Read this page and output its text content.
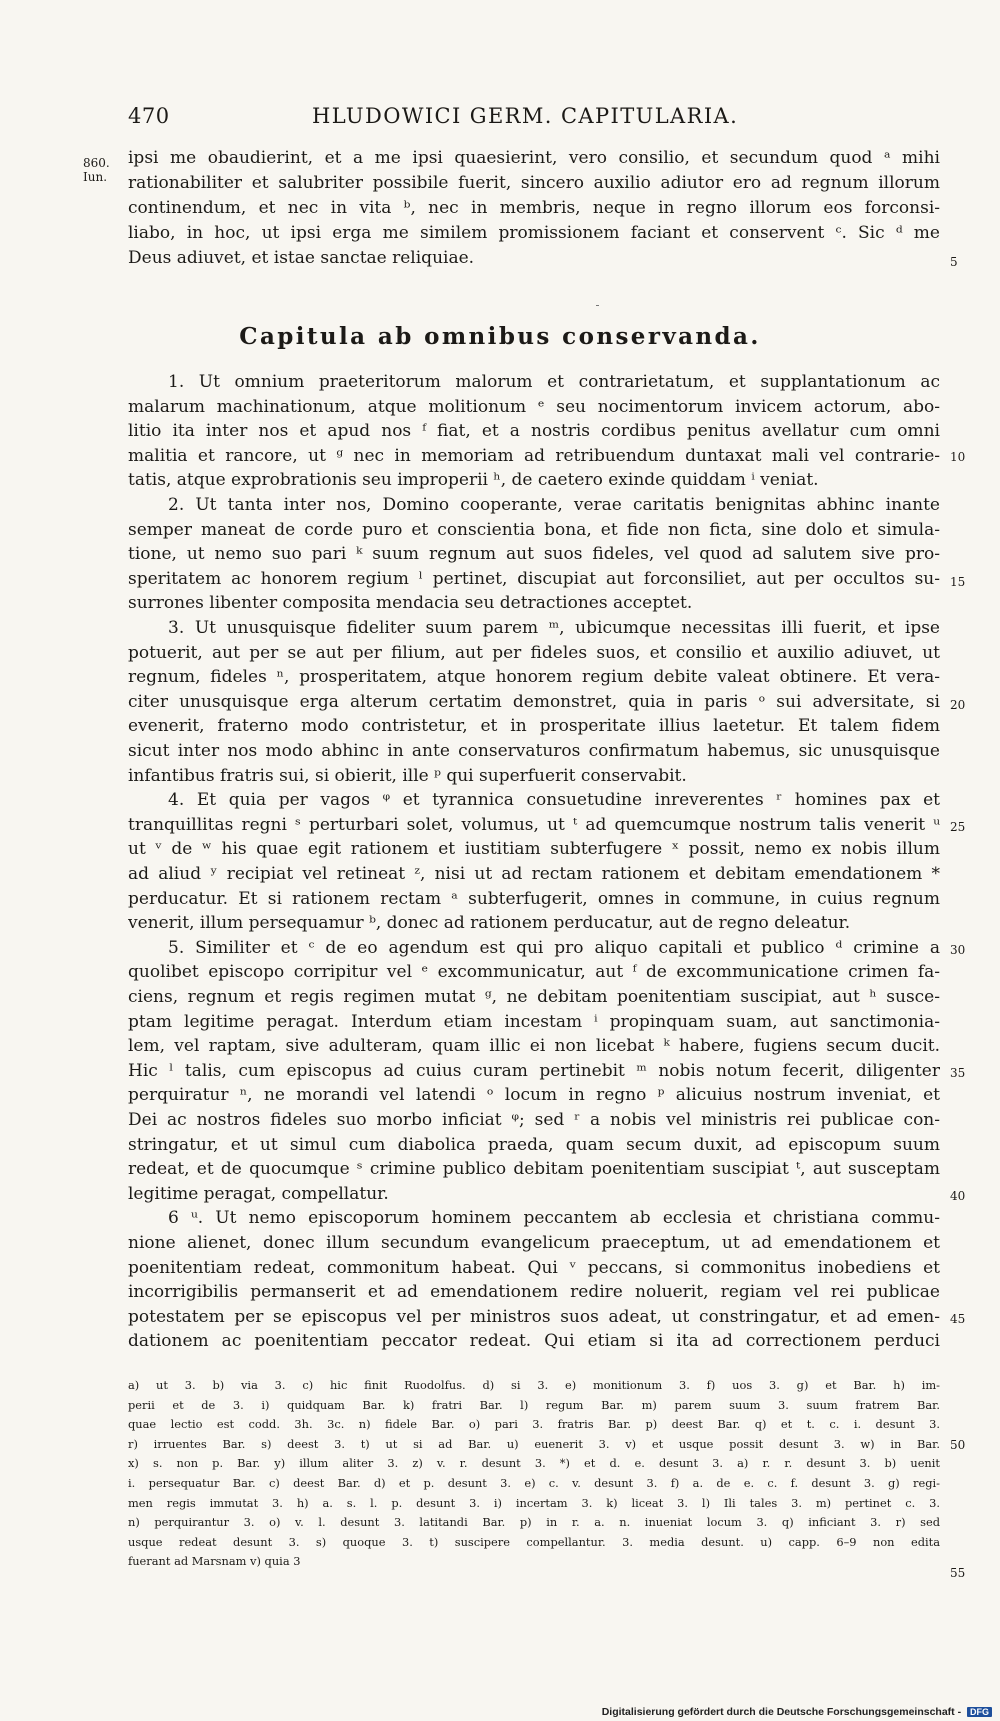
470	HLUDOWICI GERM. CAPITULARIA.
860.
Iun.
ipsi me obaudierint, et a me ipsi quaesierint, vero consilio, et secundum quod ᵃ mihi
rationabiliter et salubriter possibile fuerit, sincero auxilio adiutor ero ad regnum illorum
continendum, et nec in vita ᵇ, nec in membris, neque in regno illorum eos forconsi-
liabo, in hoc, ut ipsi erga me similem promissionem faciant et conservent ᶜ. Sic ᵈ me
Deus adiuvet, et istae sanctae reliquiae.
Capitula ab omnibus conservanda.
1. Ut omnium praeteritorum malorum et contrarietatum, et supplantationum ac
malarum machinationum, atque molitionum ᵉ seu nocimentorum invicem actorum, abo-
litio ita inter nos et apud nos ᶠ fiat, et a nostris cordibus penitus avellatur cum omni
malitia et rancore, ut ᵍ nec in memoriam ad retribuendum duntaxat mali vel contrarie-
tatis, atque exprobrationis seu improperii ʰ, de caetero exinde quiddam ⁱ veniat.
2. Ut tanta inter nos, Domino cooperante, verae caritatis benignitas abhinc inante
semper maneat de corde puro et conscientia bona, et fide non ficta, sine dolo et simula-
tione, ut nemo suo pari ᵏ suum regnum aut suos fideles, vel quod ad salutem sive pro-
speritatem ac honorem regium ˡ pertinet, discupiat aut forconsiliet, aut per occultos su-
surrones libenter composita mendacia seu detractiones acceptet.
3. Ut unusquisque fideliter suum parem ᵐ, ubicumque necessitas illi fuerit, et ipse
potuerit, aut per se aut per filium, aut per fideles suos, et consilio et auxilio adiuvet, ut
regnum, fideles ⁿ, prosperitatem, atque honorem regium debite valeat obtinere. Et vera-
citer unusquisque erga alterum certatim demonstret, quia in paris ᵒ sui adversitate, si
evenerit, fraterno modo contristetur, et in prosperitate illius laetetur. Et talem fidem
sicut inter nos modo abhinc in ante conservaturos confirmatum habemus, sic unusquisque
infantibus fratris sui, si obierit, ille ᵖ qui superfuerit conservabit.
4. Et quia per vagos ᵠ et tyrannica consuetudine inreverentes ʳ homines pax et
tranquillitas regni ˢ perturbari solet, volumus, ut ᵗ ad quemcumque nostrum talis venerit ᵘ
ut ᵛ de ʷ his quae egit rationem et iustitiam subterfugere ˣ possit, nemo ex nobis illum
ad aliud ʸ recipiat vel retineat ᶻ, nisi ut ad rectam rationem et debitam emendationem *
perducatur. Et si rationem rectam ᵃ subterfugerit, omnes in commune, in cuius regnum
venerit, illum persequamur ᵇ, donec ad rationem perducatur, aut de regno deleatur.
5. Similiter et ᶜ de eo agendum est qui pro aliquo capitali et publico ᵈ crimine a
quolibet episcopo corripitur vel ᵉ excommunicatur, aut ᶠ de excommunicatione crimen fa-
ciens, regnum et regis regimen mutat ᵍ, ne debitam poenitentiam suscipiat, aut ʰ susce-
ptam legitime peragat. Interdum etiam incestam ⁱ propinquam suam, aut sanctimonia-
lem, vel raptam, sive adulteram, quam illic ei non licebat ᵏ habere, fugiens secum ducit.
Hic ˡ talis, cum episcopus ad cuius curam pertinebit ᵐ nobis notum fecerit, diligenter
perquiratur ⁿ, ne morandi vel latendi ᵒ locum in regno ᵖ alicuius nostrum inveniat, et
Dei ac nostros fideles suo morbo inficiat ᵠ; sed ʳ a nobis vel ministris rei publicae con-
stringatur, et ut simul cum diabolica praeda, quam secum duxit, ad episcopum suum
redeat, et de quocumque ˢ crimine publico debitam poenitentiam suscipiat ᵗ, aut susceptam
legitime peragat, compellatur.
6 ᵘ. Ut nemo episcoporum hominem peccantem ab ecclesia et christiana commu-
nione alienet, donec illum secundum evangelicum praeceptum, ut ad emendationem et
poenitentiam redeat, commonitum habeat. Qui ᵛ peccans, si commonitus inobediens et
incorrigibilis permanserit et ad emendationem redire noluerit, regiam vel rei publicae
potestatem per se episcopus vel per ministros suos adeat, ut constringatur, et ad emen-
dationem ac poenitentiam peccator redeat. Qui etiam si ita ad correctionem perduci
5
10
15
20
25
30
35
40
45
50
55
a) ut 3. b) via 3. c) hic finit Ruodolfus. d) si 3. e) monitionum 3. f) uos 3. g) et Bar. h) im-
perii et de 3. i) quidquam Bar. k) fratri Bar. l) regum Bar. m) parem suum 3. suum fratrem Bar.
quae lectio est codd. 3h. 3c. n) fidele Bar. o) pari 3. fratris Bar. p) deest Bar. q) et t. c. i. desunt 3.
r) irruentes Bar. s) deest 3. t) ut si ad Bar. u) euenerit 3. v) et usque possit desunt 3. w) in Bar.
x) s. non p. Bar. y) illum aliter 3. z) v. r. desunt 3. *) et d. e. desunt 3. a) r. r. desunt 3. b) uenit
i. persequatur Bar. c) deest Bar. d) et p. desunt 3. e) c. v. desunt 3. f) a. de e. c. f. desunt 3. g) regi-
men regis immutat 3. h) a. s. l. p. desunt 3. i) incertam 3. k) liceat 3. l) Ili tales 3. m) pertinet c. 3.
n) perquirantur 3. o) v. l. desunt 3. latitandi Bar. p) in r. a. n. inueniat locum 3. q) inficiant 3. r) sed
usque redeat desunt 3. s) quoque 3. t) suscipere compellantur. 3. media desunt. u) capp. 6–9 non edita
fuerant ad Marsnam v) quia 3
Digitalisierung gefördert durch die Deutsche Forschungsgemeinschaft - DFG
